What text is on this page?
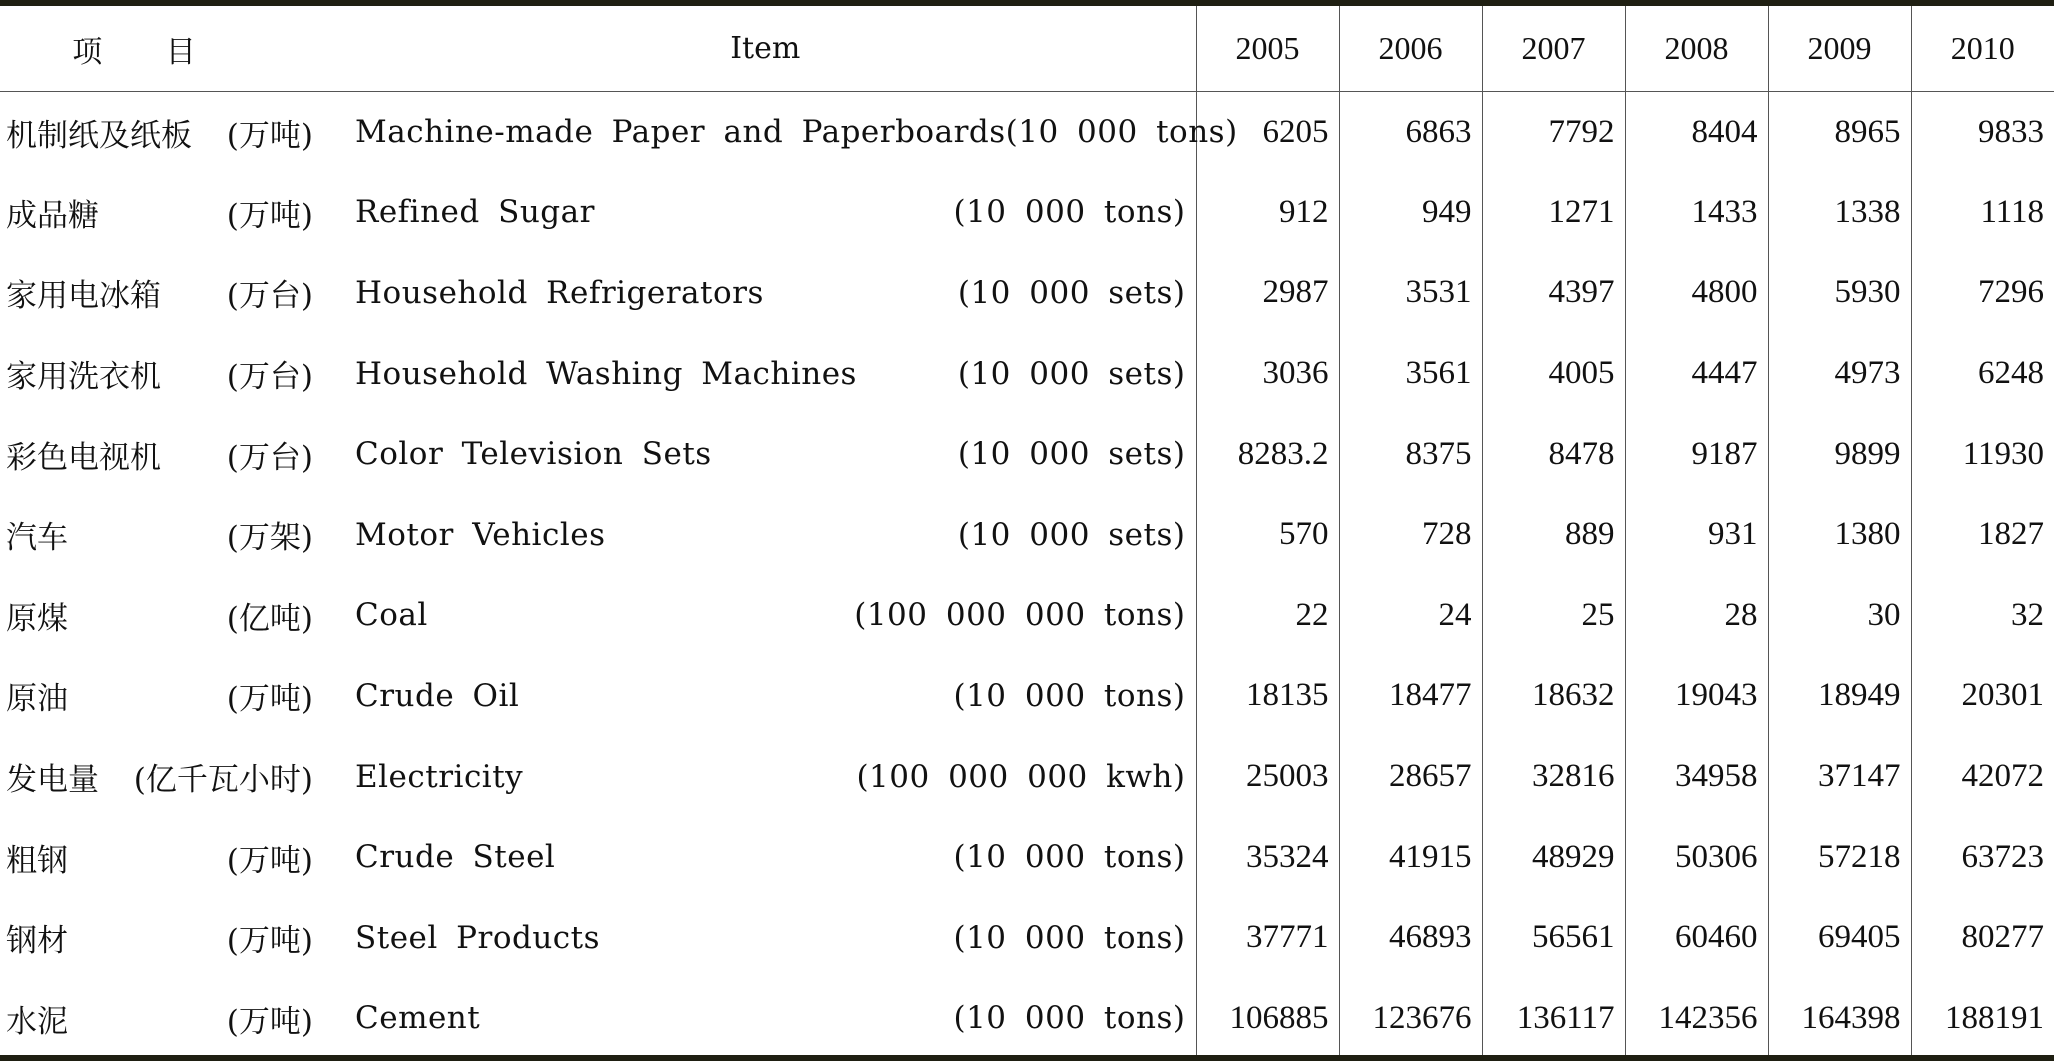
项 目	Item	2005	2006	2007	2008	2009	2010

机制纸及纸板 (万吨)	Machine-made Paper and Paperboards (10 000 tons)	6205	6863	7792	8404	8965	9833

成品糖 (万吨)	Refined Sugar (10 000 tons)	912	949	1271	1433	1338	1118

家用电冰箱 (万台)	Household Refrigerators (10 000 sets)	2987	3531	4397	4800	5930	7296

家用洗衣机 (万台)	Household Washing Machines (10 000 sets)	3036	3561	4005	4447	4973	6248

彩色电视机 (万台)	Color Television Sets (10 000 sets)	8283.2	8375	8478	9187	9899	11930

汽车 (万架)	Motor Vehicles (10 000 sets)	570	728	889	931	1380	1827

原煤 (亿吨)	Coal (100 000 000 tons)	22	24	25	28	30	32

原油 (万吨)	Crude Oil (10 000 tons)	18135	18477	18632	19043	18949	20301

发电量 (亿千瓦小时)	Electricity (100 000 000 kwh)	25003	28657	32816	34958	37147	42072

粗钢 (万吨)	Crude Steel (10 000 tons)	35324	41915	48929	50306	57218	63723

钢材 (万吨)	Steel Products (10 000 tons)	37771	46893	56561	60460	69405	80277

水泥 (万吨)	Cement (10 000 tons)	106885	123676	136117	142356	164398	188191
